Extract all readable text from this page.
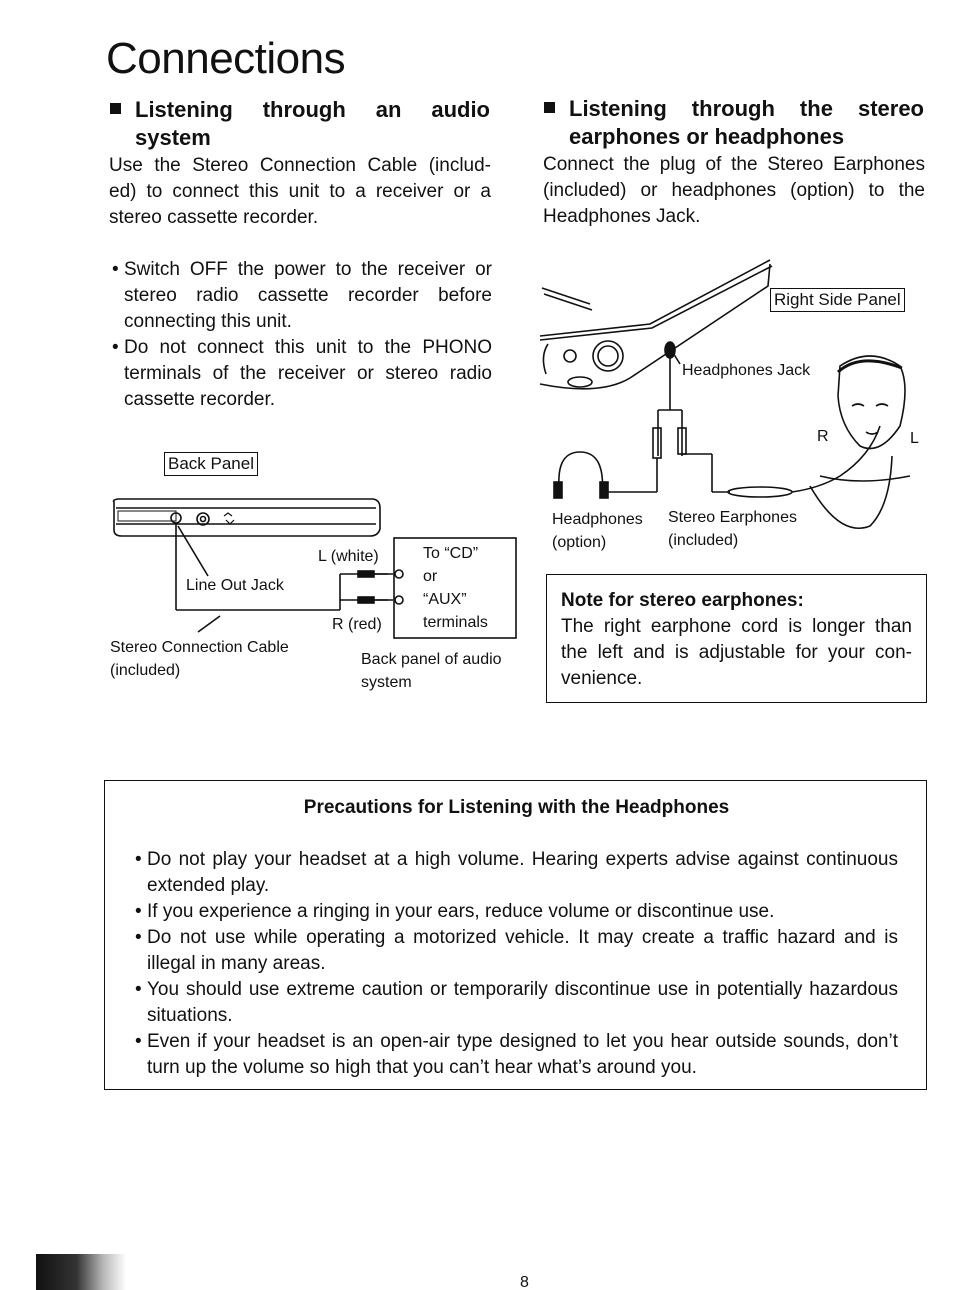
Connections
Listening through an audio
system
Use the Stereo Connection Cable (includ-
ed) to connect this unit to a receiver or a
stereo cassette recorder.
• Switch OFF the power to the receiver or stereo radio cassette recorder before connecting this unit.
• Do not connect this unit to the PHONO terminals of the receiver or stereo radio cassette recorder.
Back Panel
Line Out Jack
L (white)
R (red)
To “CD”
or
“AUX”
terminals
Stereo Connection Cable
(included)
Back panel of audio
system
Listening through the stereo
earphones or headphones
Connect the plug of the Stereo Earphones
(included) or headphones (option) to the
Headphones Jack.
Right Side Panel
Headphones Jack
R	L
Headphones
(option)
Stereo Earphones
(included)
Note for stereo earphones:
The right earphone cord is longer than the left and is adjustable for your con-venience.
Precautions for Listening with the Headphones
• Do not play your headset at a high volume. Hearing experts advise against continuous extended play.
• If you experience a ringing in your ears, reduce volume or discontinue use.
• Do not use while operating a motorized vehicle. It may create a traffic hazard and is illegal in many areas.
• You should use extreme caution or temporarily discontinue use in potentially hazardous situations.
• Even if your headset is an open-air type designed to let you hear outside sounds, don’t turn up the volume so high that you can’t hear what’s around you.
8
